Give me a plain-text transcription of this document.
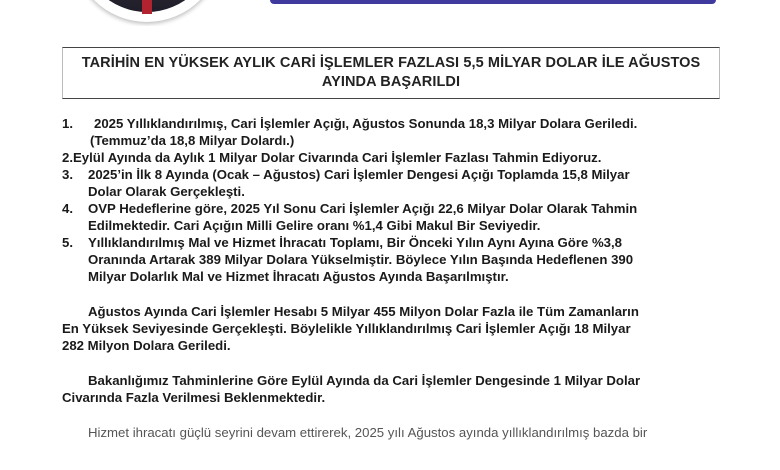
TARİHİN EN YÜKSEK AYLIK CARİ İŞLEMLER FAZLASI 5,5 MİLYAR DOLAR İLE AĞUSTOS
AYINDA BAŞARILDI
1.	2025 Yıllıklandırılmış, Cari İşlemler Açığı, Ağustos Sonunda 18,3 Milyar Dolara Geriledi.
(Temmuz’da 18,8 Milyar Dolardı.)
2. Eylül Ayında da Aylık 1 Milyar Dolar Civarında Cari İşlemler Fazlası Tahmin Ediyoruz.
3.	2025’in İlk 8 Ayında (Ocak – Ağustos) Cari İşlemler Dengesi Açığı Toplamda 15,8 Milyar
Dolar Olarak Gerçekleşti.
4.	OVP Hedeflerine göre, 2025 Yıl Sonu Cari İşlemler Açığı 22,6 Milyar Dolar Olarak Tahmin
Edilmektedir. Cari Açığın Milli Gelire oranı %1,4 Gibi Makul Bir Seviyedir.
5.	Yıllıklandırılmış Mal ve Hizmet İhracatı Toplamı, Bir Önceki Yılın Aynı Ayına Göre %3,8
Oranında Artarak 389 Milyar Dolara Yükselmiştir. Böylece Yılın Başında Hedeflenen 390
Milyar Dolarlık Mal ve Hizmet İhracatı Ağustos Ayında Başarılmıştır.

Ağustos Ayında Cari İşlemler Hesabı 5 Milyar 455 Milyon Dolar Fazla ile Tüm Zamanların
En Yüksek Seviyesinde Gerçekleşti. Böylelikle Yıllıklandırılmış Cari İşlemler Açığı 18 Milyar
282 Milyon Dolara Geriledi.

Bakanlığımız Tahminlerine Göre Eylül Ayında da Cari İşlemler Dengesinde 1 Milyar Dolar
Civarında Fazla Verilmesi Beklenmektedir.

Hizmet ihracatı güçlü seyrini devam ettirerek, 2025 yılı Ağustos ayında yıllıklandırılmış bazda bir
